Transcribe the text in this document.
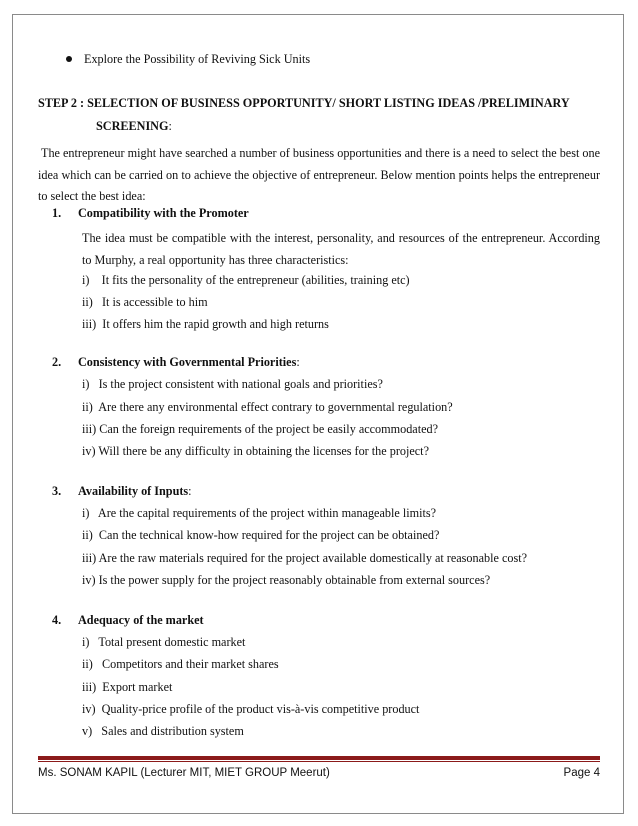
Explore the Possibility of Reviving Sick Units
STEP 2 : SELECTION OF BUSINESS OPPORTUNITY/ SHORT LISTING IDEAS /PRELIMINARY
SCREENING:

The entrepreneur might have searched a number of business opportunities and there is a need to select the best one idea which can be carried on to achieve the objective of entrepreneur. Below mention points helps the entrepreneur to select the best idea:

1. Compatibility with the Promoter
The idea must be compatible with the interest, personality, and resources of the entrepreneur. According to Murphy, a real opportunity has three characteristics:
i)    It fits the personality of the entrepreneur (abilities, training etc)
ii)   It is accessible to him
iii)  It offers him the rapid growth and high returns
2. Consistency with Governmental Priorities:
i)   Is the project consistent with national goals and priorities?
ii)  Are there any environmental effect contrary to governmental regulation?
iii) Can the foreign requirements of the project be easily accommodated?
iv) Will there be any difficulty in obtaining the licenses for the project?
3. Availability of Inputs:
i)   Are the capital requirements of the project within manageable limits?
ii)  Can the technical know-how required for the project can be obtained?
iii) Are the raw materials required for the project available domestically at reasonable cost?
iv) Is the power supply for the project reasonably obtainable from external sources?
4. Adequacy of the market
i)   Total present domestic market
ii)   Competitors and their market shares
iii)  Export market
iv)  Quality-price profile of the product vis-à-vis competitive product
v)   Sales and distribution system
Ms. SONAM KAPIL (Lecturer MIT, MIET GROUP Meerut)	Page 4
